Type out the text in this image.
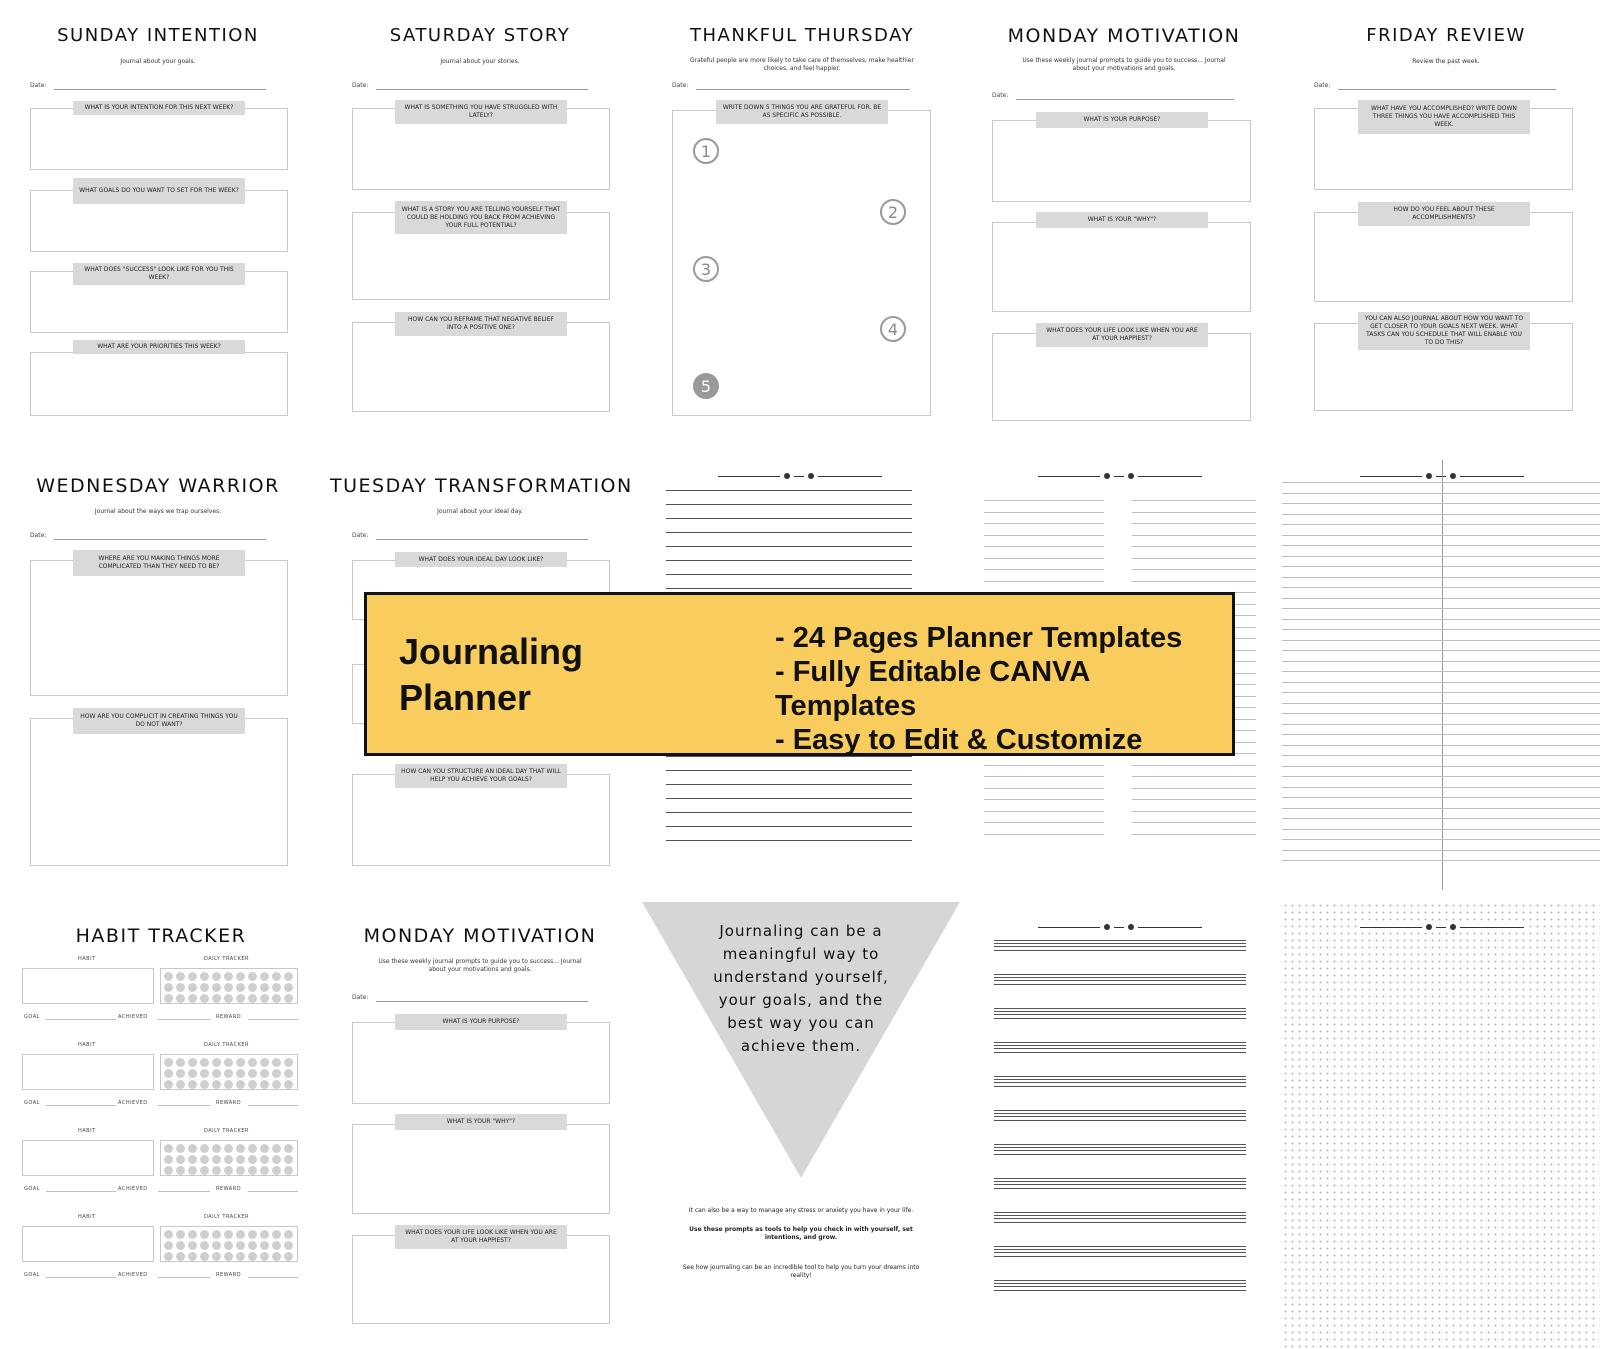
SUNDAY INTENTION
Journal about your goals.
Date:
WHAT IS YOUR INTENTION FOR THIS NEXT WEEK?
WHAT GOALS DO YOU WANT TO SET FOR THE WEEK?
WHAT DOES "SUCCESS" LOOK LIKE FOR YOU THIS WEEK?
WHAT ARE YOUR PRIORITIES THIS WEEK?
SATURDAY STORY
Journal about your stories.
Date:
WHAT IS SOMETHING YOU HAVE STRUGGLED WITH LATELY?
WHAT IS A STORY YOU ARE TELLING YOURSELF THAT COULD BE HOLDING YOU BACK FROM ACHIEVING YOUR FULL POTENTIAL?
HOW CAN YOU REFRAME THAT NEGATIVE BELIEF INTO A POSITIVE ONE?
THANKFUL THURSDAY
Grateful people are more likely to take care of themselves, make healthier choices, and feel happier.
Date:
WRITE DOWN 5 THINGS YOU ARE GRATEFUL FOR. BE AS SPECIFIC AS POSSIBLE.
1
2
3
4
5
MONDAY MOTIVATION
Use these weekly journal prompts to guide you to success... Journal about your motivations and goals.
Date:
WHAT IS YOUR PURPOSE?
WHAT IS YOUR "WHY"?
WHAT DOES YOUR LIFE LOOK LIKE WHEN YOU ARE AT YOUR HAPPIEST?
FRIDAY REVIEW
Review the past week.
Date:
WHAT HAVE YOU ACCOMPLISHED? WRITE DOWN THREE THINGS YOU HAVE ACCOMPLISHED THIS WEEK.
HOW DO YOU FEEL ABOUT THESE ACCOMPLISHMENTS?
YOU CAN ALSO JOURNAL ABOUT HOW YOU WANT TO GET CLOSER TO YOUR GOALS NEXT WEEK. WHAT TASKS CAN YOU SCHEDULE THAT WILL ENABLE YOU TO DO THIS?
WEDNESDAY WARRIOR
Journal about the ways we trap ourselves.
Date:
WHERE ARE YOU MAKING THINGS MORE COMPLICATED THAN THEY NEED TO BE?
HOW ARE YOU COMPLICIT IN CREATING THINGS YOU DO NOT WANT?
TUESDAY TRANSFORMATION
Journal about your ideal day.
Date:
WHAT DOES YOUR IDEAL DAY LOOK LIKE?
HOW CAN YOU STRUCTURE AN IDEAL DAY THAT WILL HELP YOU ACHIEVE YOUR GOALS?
HABIT TRACKER
HABIT	DAILY TRACKER
GOAL	ACHIEVED	REWARD
HABIT	DAILY TRACKER
GOAL	ACHIEVED	REWARD
HABIT	DAILY TRACKER
GOAL	ACHIEVED	REWARD
HABIT	DAILY TRACKER
GOAL	ACHIEVED	REWARD
MONDAY MOTIVATION
Use these weekly journal prompts to guide you to success... Journal about your motivations and goals.
Date:
WHAT IS YOUR PURPOSE?
WHAT IS YOUR "WHY"?
WHAT DOES YOUR LIFE LOOK LIKE WHEN YOU ARE AT YOUR HAPPIEST?
Journaling can be a meaningful way to understand yourself, your goals, and the best way you can achieve them.
It can also be a way to manage any stress or anxiety you have in your life.
Use these prompts as tools to help you check in with yourself, set intentions, and grow.
See how journaling can be an incredible tool to help you turn your dreams into reality!
Journaling
Planner
- 24 Pages Planner Templates
- Fully Editable CANVA Templates
- Easy to Edit & Customize
